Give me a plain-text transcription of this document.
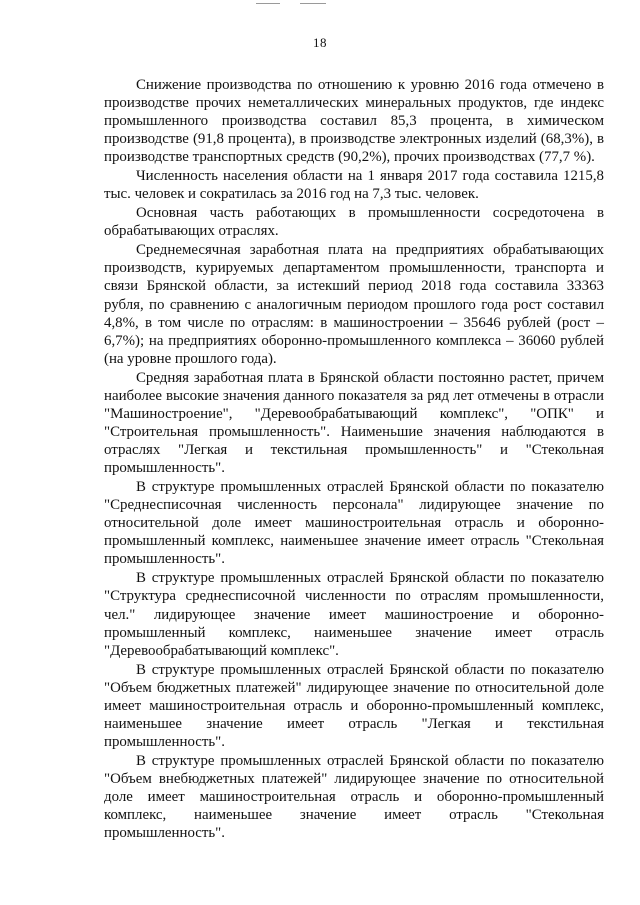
18

Снижение производства по отношению к уровню 2016 года отмечено в производстве прочих неметаллических минеральных продуктов, где индекс промышленного производства составил 85,3 процента, в химическом производстве (91,8 процента), в производстве электронных изделий (68,3%), в производстве транспортных средств (90,2%), прочих производствах (77,7 %).

Численность населения области на 1 января 2017 года составила 1215,8 тыс. человек и сократилась за 2016 год на 7,3 тыс. человек.

Основная часть работающих в промышленности сосредоточена в обрабатывающих отраслях.

Среднемесячная заработная плата на предприятиях обрабатывающих производств, курируемых департаментом промышленности, транспорта и связи Брянской области, за истекший период 2018 года составила 33363 рубля, по сравнению с аналогичным периодом прошлого года рост составил 4,8%, в том числе по отраслям: в машиностроении – 35646 рублей (рост – 6,7%); на предприятиях оборонно-промышленного комплекса – 36060 рублей (на уровне прошлого года).

Средняя заработная плата в Брянской области постоянно растет, причем наиболее высокие значения данного показателя за ряд лет отмечены в отрасли "Машиностроение", "Деревообрабатывающий комплекс", "ОПК" и "Строительная промышленность". Наименьшие значения наблюдаются в отраслях "Легкая и текстильная промышленность" и "Стекольная промышленность".

В структуре промышленных отраслей Брянской области по показателю "Среднесписочная численность персонала" лидирующее значение по относительной доле имеет машиностроительная отрасль и оборонно-промышленный комплекс, наименьшее значение имеет отрасль "Стекольная промышленность".

В структуре промышленных отраслей Брянской области по показателю "Структура среднесписочной численности по отраслям промышленности, чел." лидирующее значение имеет машиностроение и оборонно-промышленный комплекс, наименьшее значение имеет отрасль "Деревообрабатывающий комплекс".

В структуре промышленных отраслей Брянской области по показателю "Объем бюджетных платежей" лидирующее значение по относительной доле имеет машиностроительная отрасль и оборонно-промышленный комплекс, наименьшее значение имеет отрасль "Легкая и текстильная промышленность".

В структуре промышленных отраслей Брянской области по показателю "Объем внебюджетных платежей" лидирующее значение по относительной доле имеет машиностроительная отрасль и оборонно-промышленный комплекс, наименьшее значение имеет отрасль "Стекольная промышленность".
